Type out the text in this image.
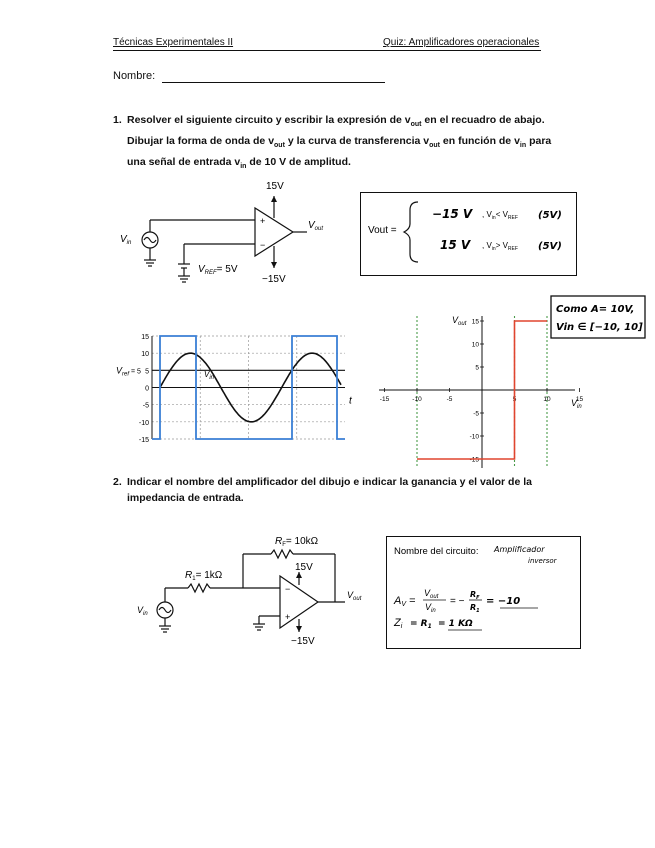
Técnicas Experimentales II	Quiz: Amplificadores operacionales
Nombre:
1. Resolver el siguiente circuito y escribir la expresión de $v_{out}$ en el recuadro de abajo. Dibujar la forma de onda de $v_{out}$ y la curva de transferencia $v_{out}$ en función de $v_{in}$ para una señal de entrada $v_{in}$ de 10 V de amplitud.
+
−
15V
−15V
$V_{out}$
$V_{in}$
$V_{REF}= 5V$
Vout =
−15 V , $V_{in}< V_{REF}$ (5V)
15 V , $V_{in}> V_{REF}$ (5V)
Como A= 10V,
Vin ∈ [−10, 10]
15
10
5
0
-5
-10
-15
t
$V_{ref}$ $^{= 5}$	$V_{in}$
-15	-10	-5	5	10	15
15
10
5
-5
-10
-15
$V_{in}$
$V_{out}$
2. Indicar el nombre del amplificador del dibujo e indicar la ganancia y el valor de la impedancia de entrada.
−
+
15V
−15V
$R_F= 10k\Omega$
$R_1= 1k\Omega$
$V_{in}$
$V_{out}$
Nombre del circuito: Amplificador
inversor
AV =
$V_{out}$
$V_{in}$
= −
$R_F$
$R_1$
= −10
$Zi = R_1 = 1$ KΩ
